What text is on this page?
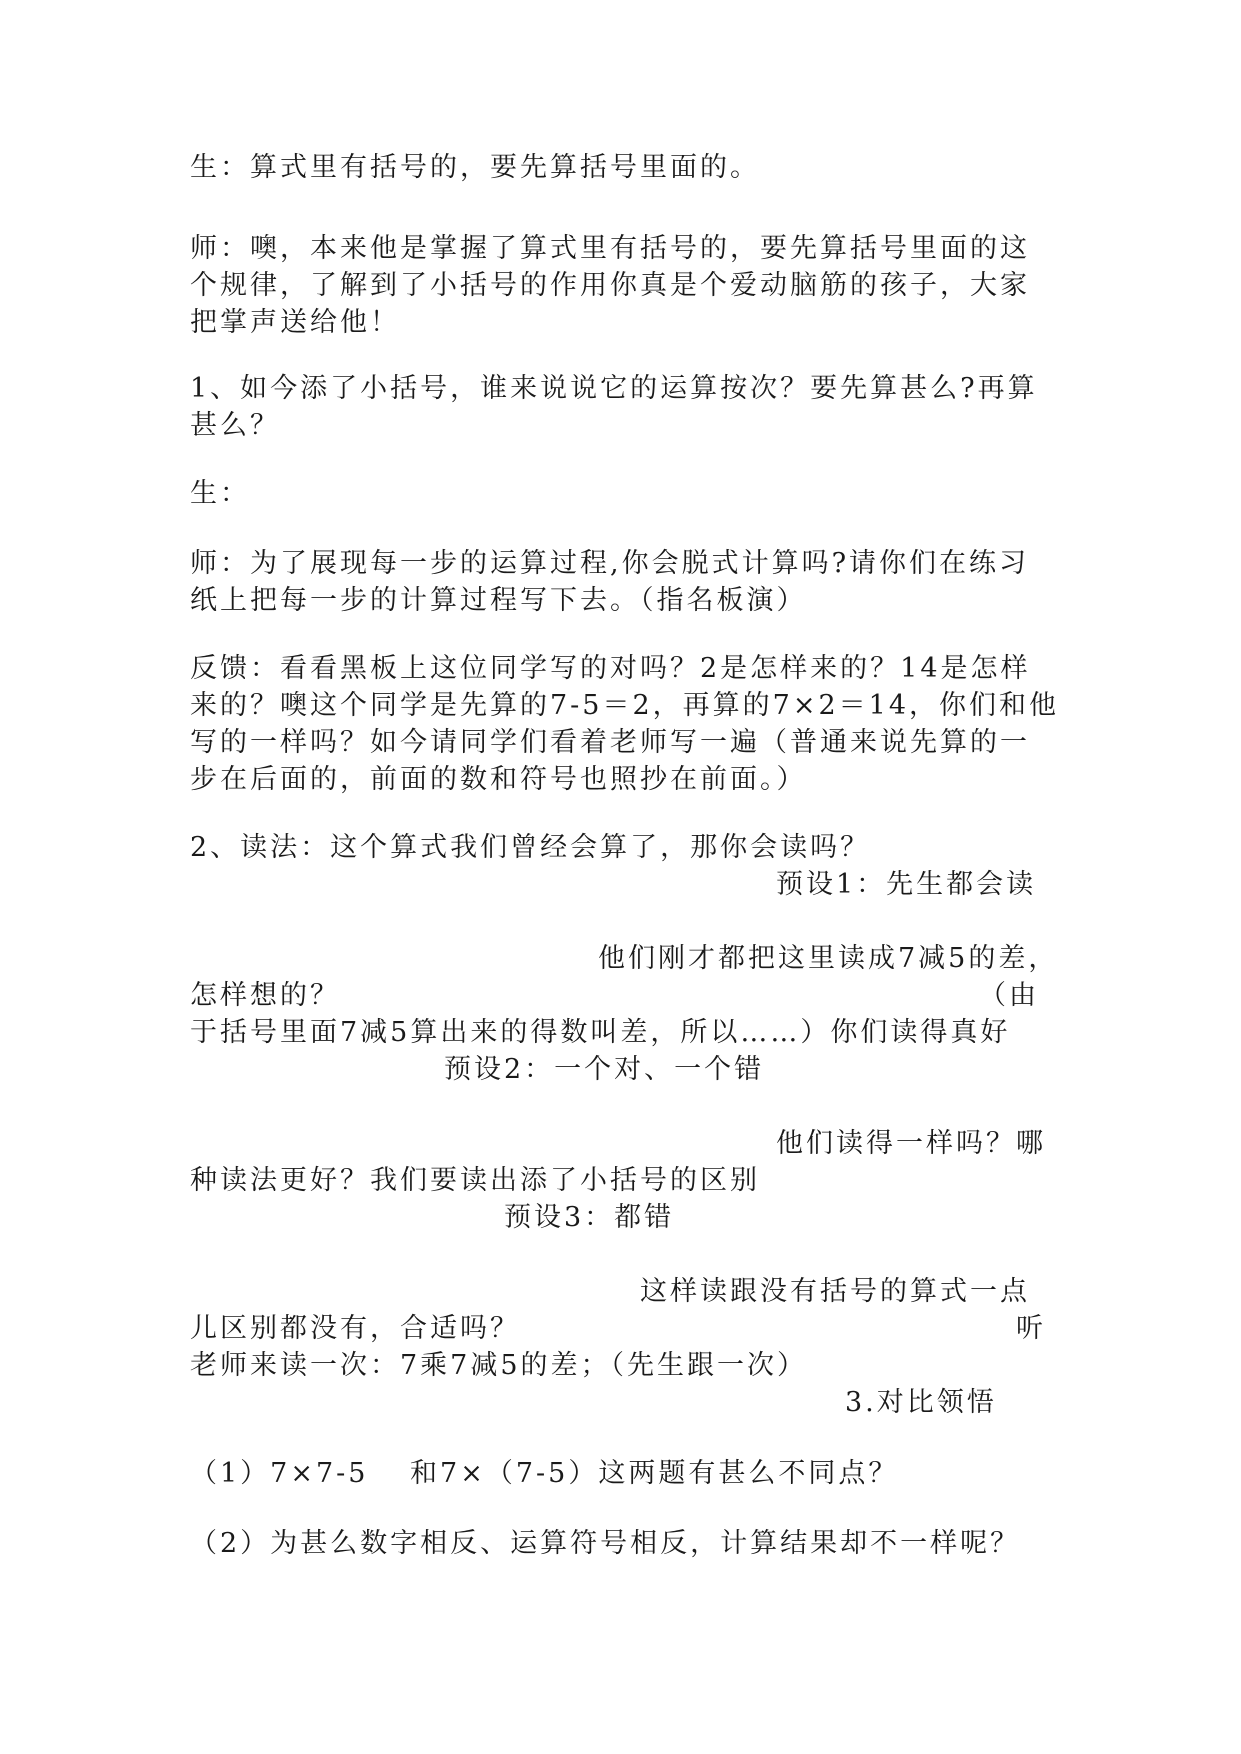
生：算式里有括号的，要先算括号里面的。
师：噢，本来他是掌握了算式里有括号的，要先算括号里面的这
个规律，了解到了小括号的作用你真是个爱动脑筋的孩子，大家
把掌声送给他！
1、如今添了小括号，谁来说说它的运算按次？要先算甚么?再算
甚么？
生：
师：为了展现每一步的运算过程,你会脱式计算吗?请你们在练习
纸上把每一步的计算过程写下去。（指名板演）
反馈：看看黑板上这位同学写的对吗？2是怎样来的？14是怎样
来的？噢这个同学是先算的7-5＝2，再算的7×2＝14，你们和他
写的一样吗？如今请同学们看着老师写一遍（普通来说先算的一
步在后面的，前面的数和符号也照抄在前面。）
2、读法：这个算式我们曾经会算了，那你会读吗？
预设1：先生都会读
他们刚才都把这里读成7减5的差，
怎样想的？	（由
于括号里面7减5算出来的得数叫差，所以……）你们读得真好
预设2：一个对、一个错
他们读得一样吗？哪
种读法更好？我们要读出添了小括号的区别
预设3：都错
这样读跟没有括号的算式一点
儿区别都没有，合适吗？	听
老师来读一次：7乘7减5的差；（先生跟一次）
3.对比领悟
（1）7×7-5　 和7×（7-5）这两题有甚么不同点？
（2）为甚么数字相反、运算符号相反，计算结果却不一样呢？
